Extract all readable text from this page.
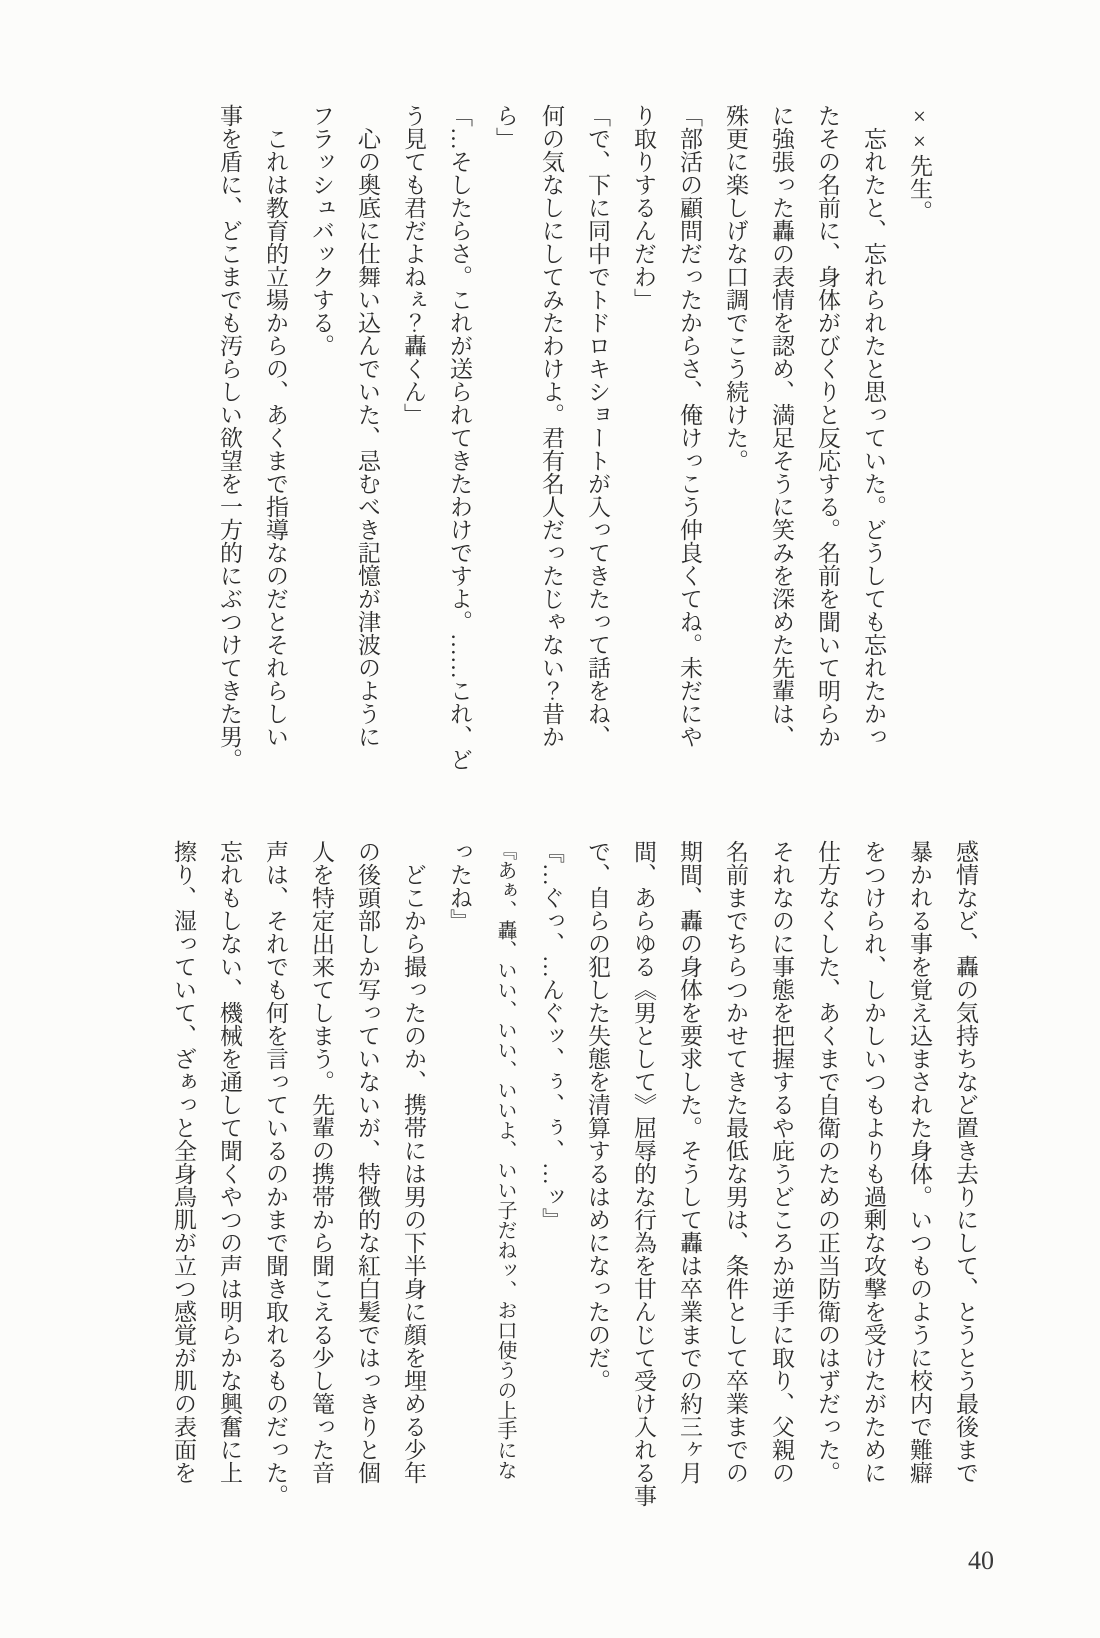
××先生。
　忘れたと、忘れられたと思っていた。どうしても忘れたかっ
たその名前に、身体がびくりと反応する。名前を聞いて明らか
に強張った轟の表情を認め、満足そうに笑みを深めた先輩は、
殊更に楽しげな口調でこう続けた。
「部活の顧問だったからさ、俺けっこう仲良くてね。未だにや
り取りするんだわ」
「で、下に同中でトドロキショートが入ってきたって話をね、
何の気なしにしてみたわけよ。君有名人だったじゃない？昔か
ら」
「…そしたらさ。これが送られてきたわけですよ。……これ、ど
う見ても君だよねぇ？轟くん」
　心の奥底に仕舞い込んでいた、忌むべき記憶が津波のように
フラッシュバックする。
　これは教育的立場からの、あくまで指導なのだとそれらしい
事を盾に、どこまでも汚らしい欲望を一方的にぶつけてきた男。
感情など、轟の気持ちなど置き去りにして、とうとう最後まで
暴かれる事を覚え込まされた身体。いつものように校内で難癖
をつけられ、しかしいつもよりも過剰な攻撃を受けたがために
仕方なくした、あくまで自衛のための正当防衛のはずだった。
それなのに事態を把握するや庇うどころか逆手に取り、父親の
名前までちらつかせてきた最低な男は、条件として卒業までの
期間、轟の身体を要求した。そうして轟は卒業までの約三ヶ月
間、あらゆる《男として》屈辱的な行為を甘んじて受け入れる事
で、自らの犯した失態を清算するはめになったのだ。
『…ぐっ、…んぐッ、ぅ、ぅ、…ッ』
『あぁ、轟、いい、いい、いいよ、いい子だねッ、お口使うの上手にな
ったね』
　どこから撮ったのか、携帯には男の下半身に顔を埋める少年
の後頭部しか写っていないが、特徴的な紅白髪ではっきりと個
人を特定出来てしまう。先輩の携帯から聞こえる少し篭った音
声は、それでも何を言っているのかまで聞き取れるものだった。
忘れもしない、機械を通して聞くやつの声は明らかな興奮に上
擦り、湿っていて、ざぁっと全身鳥肌が立つ感覚が肌の表面を
40
